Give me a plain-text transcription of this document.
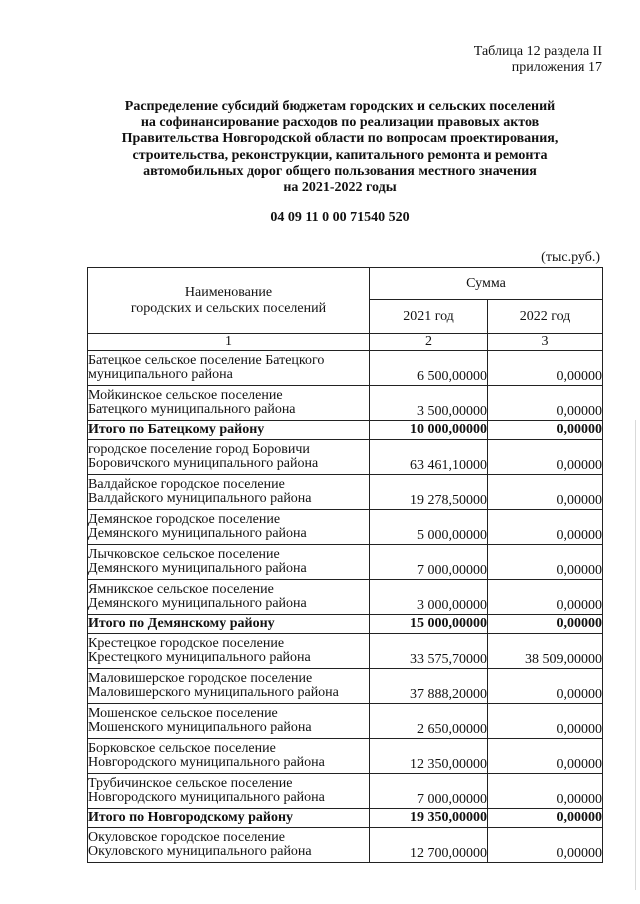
Таблица 12 раздела II
приложения 17
Распределение субсидий бюджетам городских и сельских поселений
на софинансирование расходов по реализации правовых актов
Правительства Новгородской области по вопросам проектирования,
строительства, реконструкции, капитального ремонта и ремонта
автомобильных дорог общего пользования местного значения
на 2021-2022 годы
04 09 11 0 00 71540 520
(тыс.руб.)
Наименование
городских и сельских поселений	Сумма	
	2021 год	2022 год
1	2	3

Батецкое сельское поселение Батецкого
муниципального района	6 500,00000	0,00000

Мойкинское сельское поселение
Батецкого муниципального района	3 500,00000	0,00000

Итого по Батецкому району	10 000,00000	0,00000

городское поселение город Боровичи
Боровичского муниципального района	63 461,10000	0,00000

Валдайское городское поселение
Валдайского муниципального района	19 278,50000	0,00000

Демянское городское поселение
Демянского муниципального района	5 000,00000	0,00000

Лычковское сельское поселение
Демянского муниципального района	7 000,00000	0,00000

Ямникское сельское поселение
Демянского муниципального района	3 000,00000	0,00000

Итого по Демянскому району	15 000,00000	0,00000

Крестецкое городское поселение
Крестецкого муниципального района	33 575,70000	38 509,00000

Маловишерское городское поселение
Маловишерского муниципального района	37 888,20000	0,00000

Мошенское сельское поселение
Мошенского муниципального района	2 650,00000	0,00000

Борковское сельское поселение
Новгородского муниципального района	12 350,00000	0,00000

Трубичинское сельское поселение
Новгородского муниципального района	7 000,00000	0,00000

Итого по Новгородскому району	19 350,00000	0,00000

Окуловское городское поселение
Окуловского муниципального района	12 700,00000	0,00000
